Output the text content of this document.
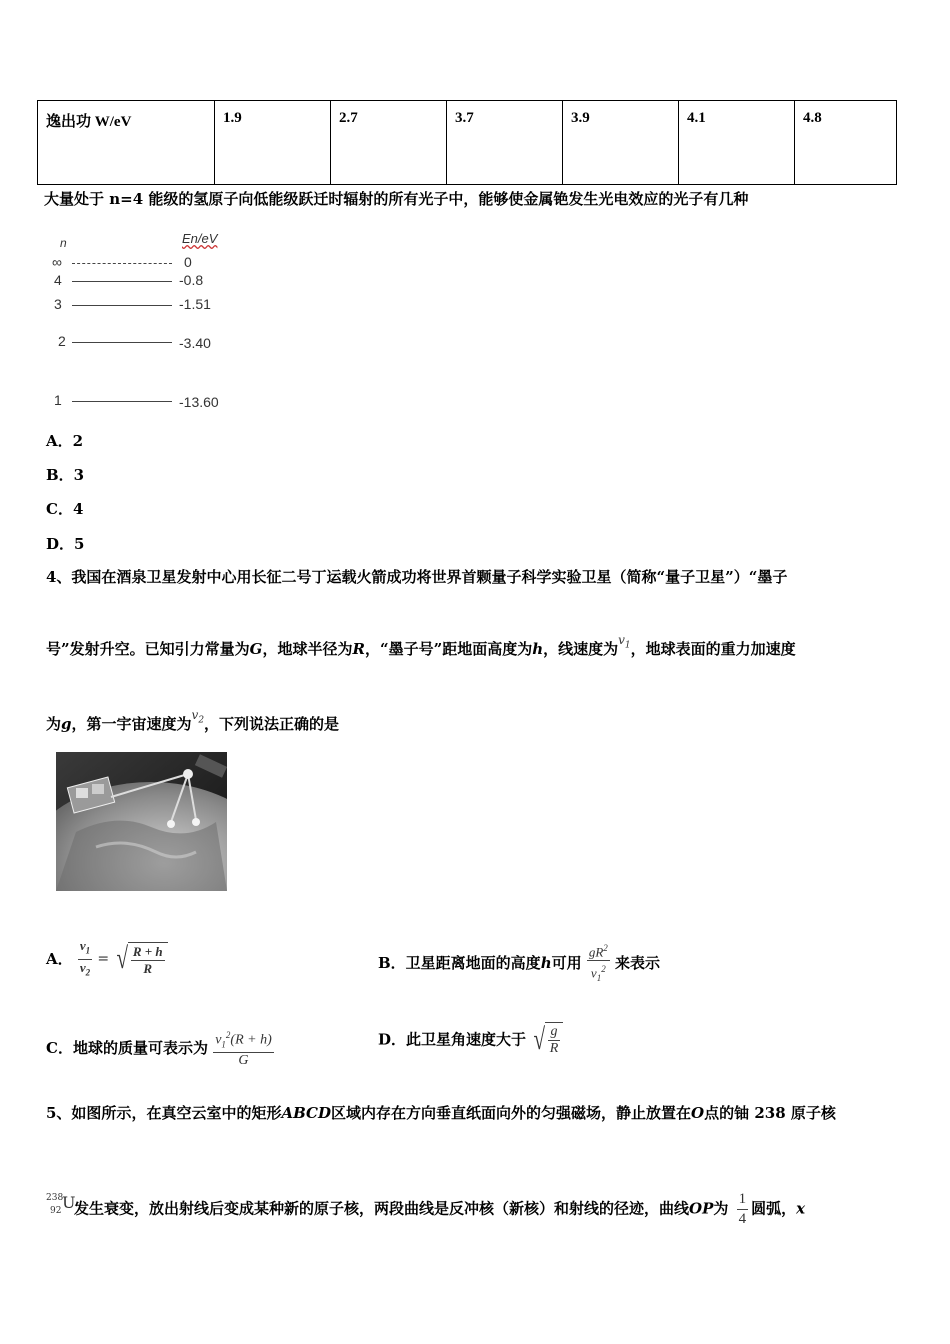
逸出功 W/eV	1.9	2.7	3.7	3.9	4.1	4.8
大量处于 n=4 能级的氢原子向低能级跃迁时辐射的所有光子中，能够使金属铯发生光电效应的光子有几种
n	En/eV
∞	0
4	-0.8
3	-1.51
2	-3.40
1	-13.60
A．2
B．3
C．4
D．5
4、我国在酒泉卫星发射中心用长征二号丁运载火箭成功将世界首颗量子科学实验卫星（简称“量子卫星”）“墨子
号”发射升空。已知引力常量为G，地球半径为R，“墨子号”距地面高度为h，线速度为$v_1$，地球表面的重力加速度
为g，第一宇宙速度为$v_2$，下列说法正确的是
A． $\frac{v_1}{v_2}$ = √ $\frac{R + h}{R}$	B．卫星距离地面的高度h可用 $\frac{gR^2}{v_1^2}$ 来表示
C．地球的质量可表示为 $\frac{v_1^2(R + h)}{G}$	D．此卫星角速度大于 √ $\frac{g}{R}$
5、如图所示，在真空云室中的矩形ABCD区域内存在方向垂直纸面向外的匀强磁场，静止放置在O点的铀 238 原子核
238
92 U
发生衰变，放出射线后变成某种新的原子核，两段曲线是反冲核（新核）和射线的径迹，曲线OP为 $\frac{1}{4}$ 圆弧，x
